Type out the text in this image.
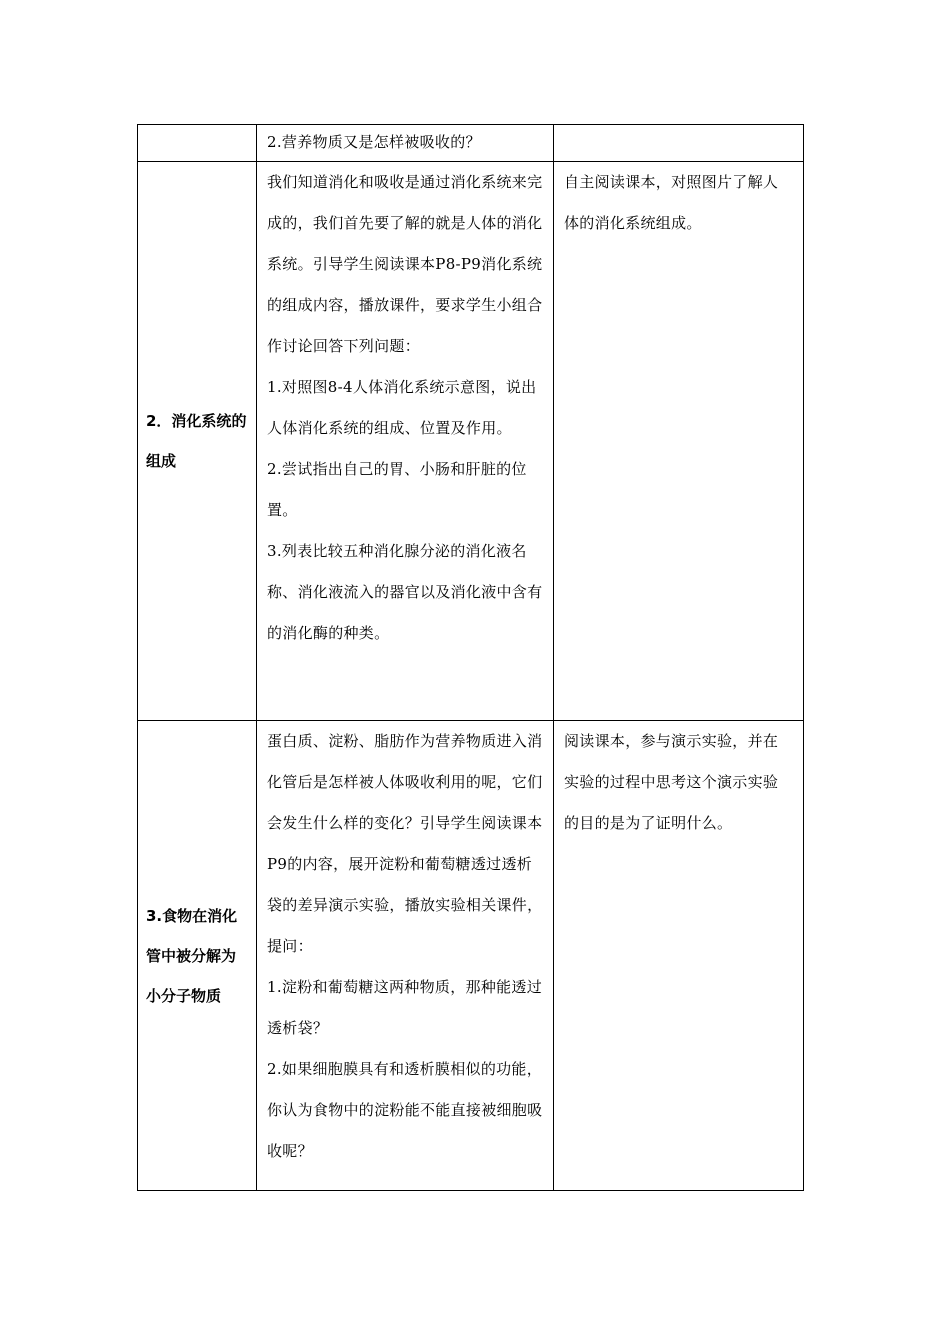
	2.营养物质又是怎样被吸收的？	

2．消化系统的组成	我们知道消化和吸收是通过消化系统来完成的，我们首先要了解的就是人体的消化系统。引导学生阅读课本P8-P9消化系统的组成内容，播放课件，要求学生小组合作讨论回答下列问题：

1.对照图8-4人体消化系统示意图，说出人体消化系统的组成、位置及作用。

2.尝试指出自己的胃、小肠和肝脏的位置。

3.列表比较五种消化腺分泌的消化液名称、消化液流入的器官以及消化液中含有的消化酶的种类。	自主阅读课本，对照图片了解人体的消化系统组成。

3.食物在消化管中被分解为小分子物质	蛋白质、淀粉、脂肪作为营养物质进入消化管后是怎样被人体吸收利用的呢，它们会发生什么样的变化？引导学生阅读课本P9的内容，展开淀粉和葡萄糖透过透析袋的差异演示实验，播放实验相关课件，提问：

1.淀粉和葡萄糖这两种物质，那种能透过透析袋？

2.如果细胞膜具有和透析膜相似的功能，你认为食物中的淀粉能不能直接被细胞吸收呢？	阅读课本，参与演示实验，并在实验的过程中思考这个演示实验的目的是为了证明什么。
